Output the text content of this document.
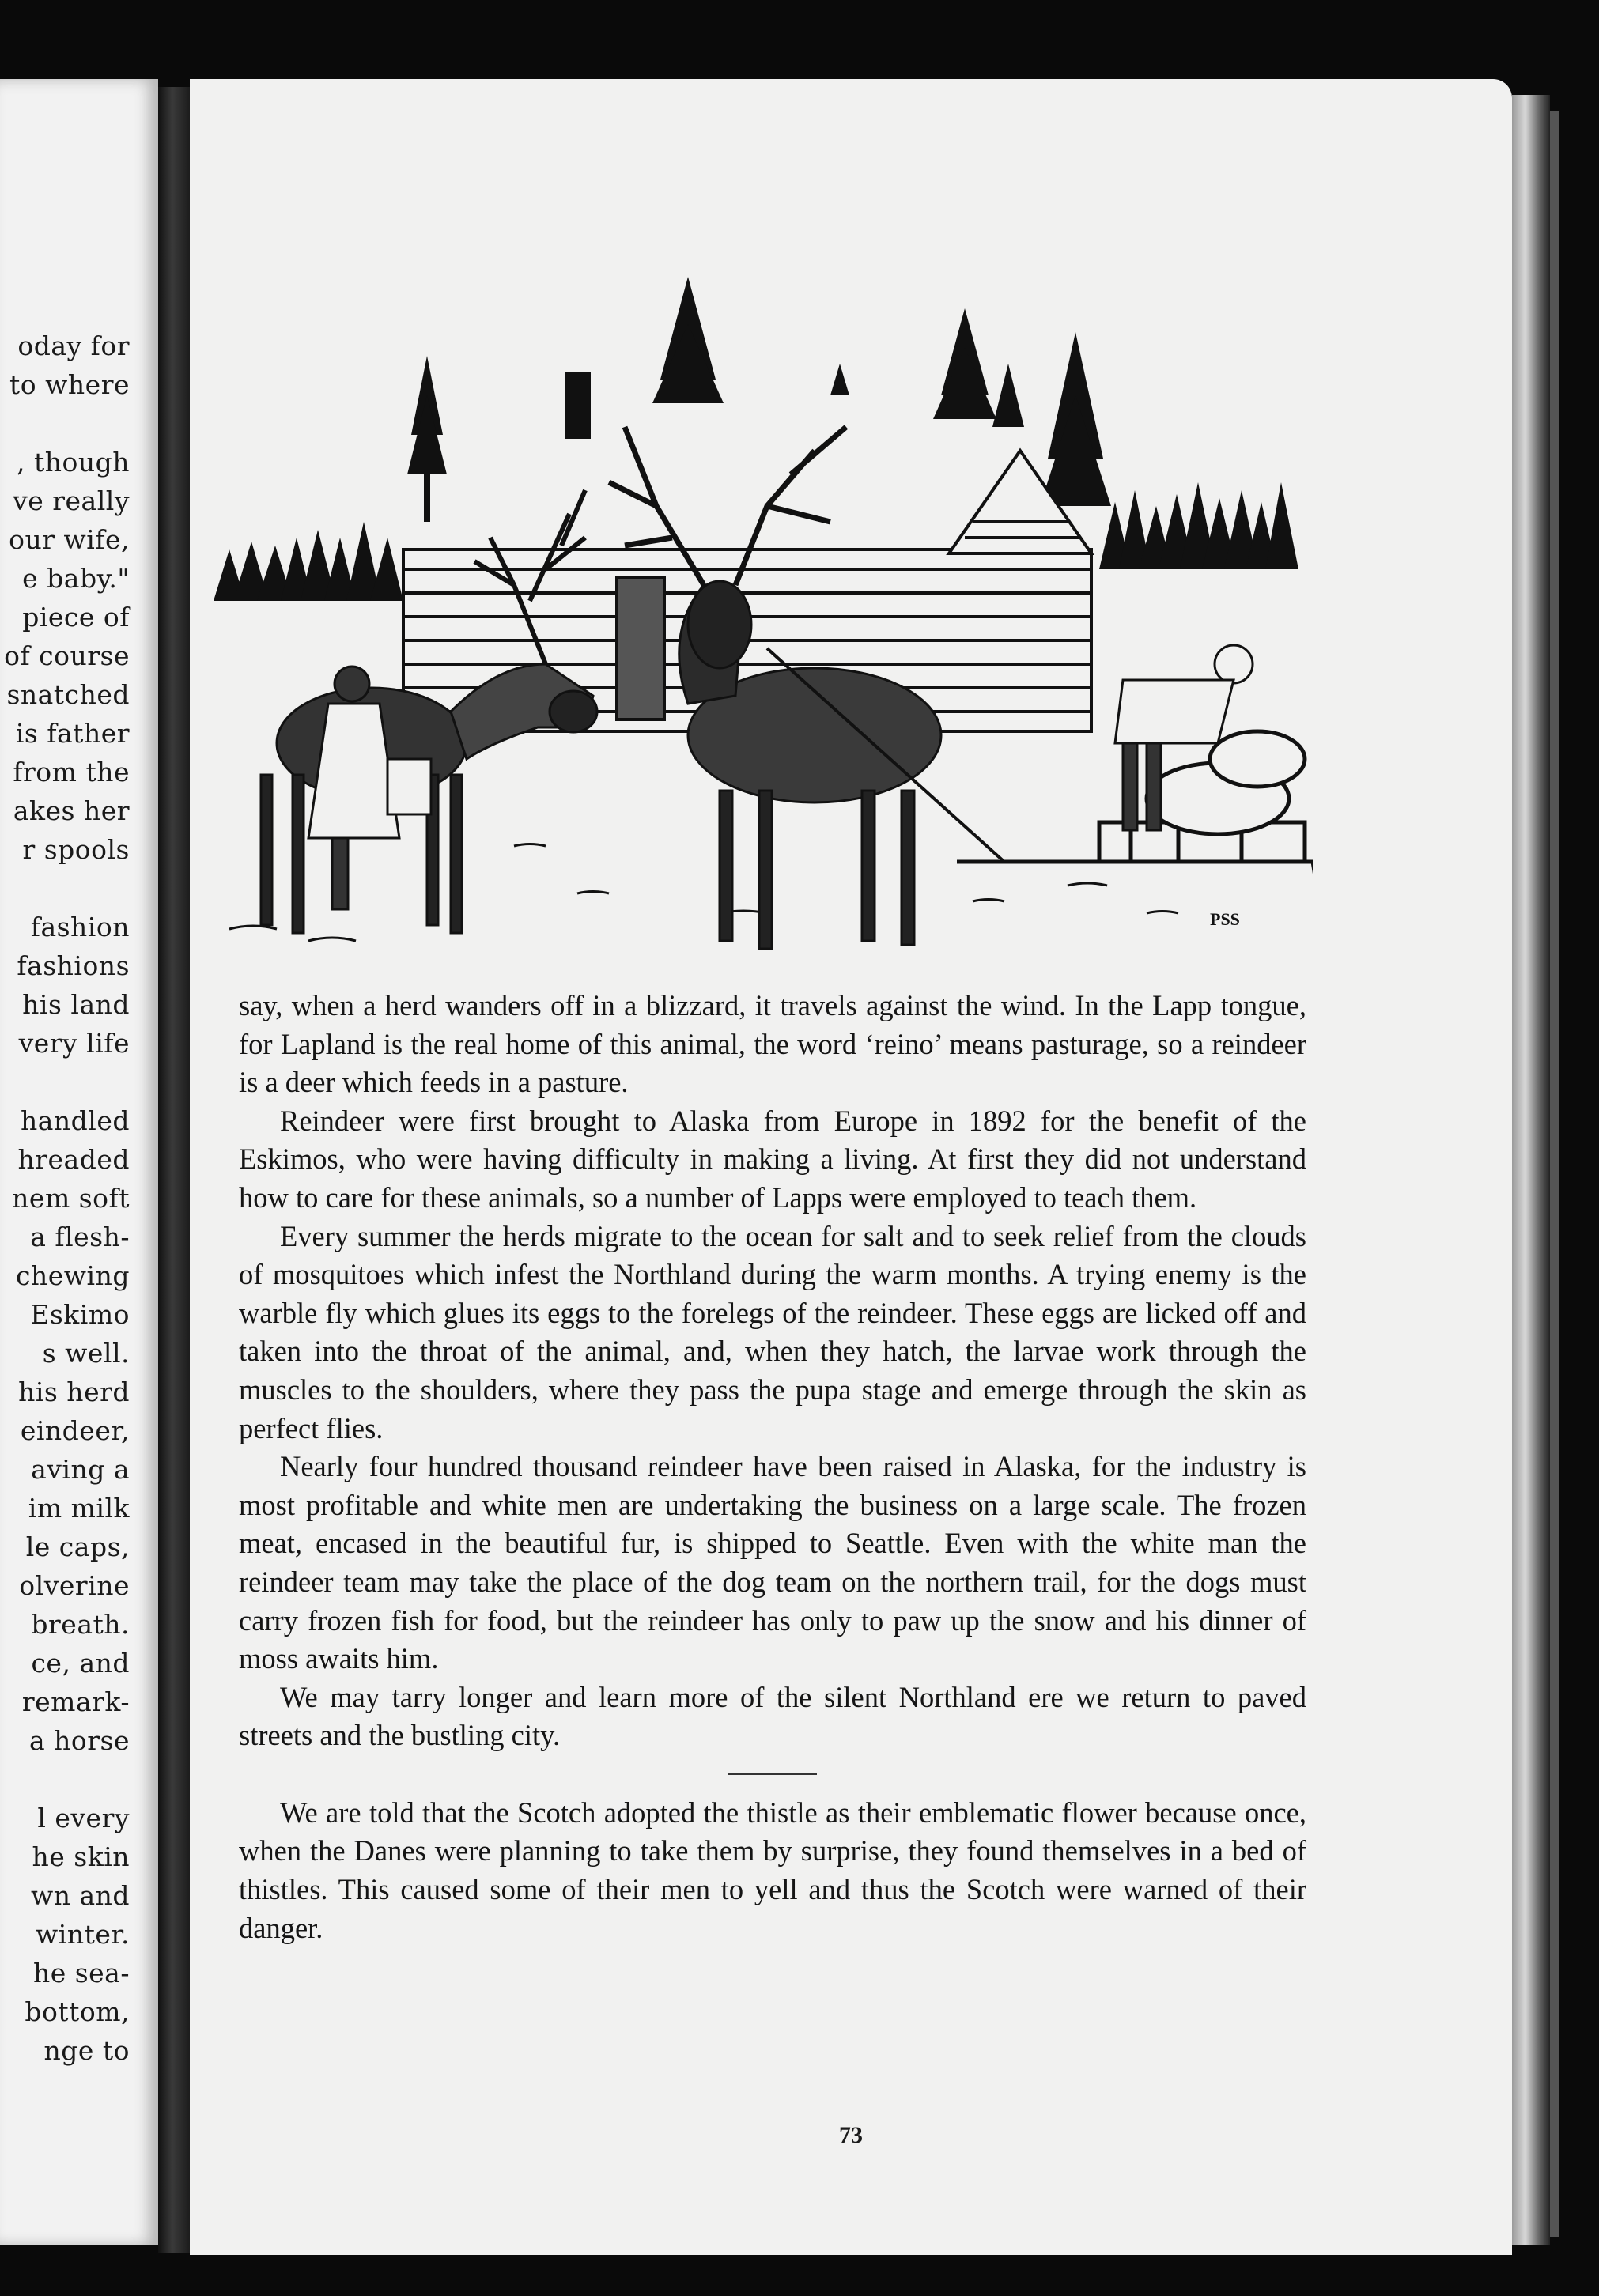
oday for
to where
, though
ve really
our wife,
e baby."
piece of
of course
snatched
is father
from the
akes her
r spools
fashion
fashions
his land
very life
handled
hreaded
nem soft
a flesh-
chewing
Eskimo
s well.
his herd
eindeer,
aving a
im milk
le caps,
olverine
breath.
ce, and
remark-
a horse
l every
he skin
wn and
winter.
he sea-
bottom,
nge to
PSS

say, when a herd wanders off in a blizzard, it travels against the wind. In the Lapp tongue, for Lapland is the real home of this animal, the word ‘reino’ means pasturage, so a reindeer is a deer which feeds in a pasture.

Reindeer were first brought to Alaska from Europe in 1892 for the benefit of the Eskimos, who were having difficulty in making a living. At first they did not understand how to care for these animals, so a number of Lapps were employed to teach them.

Every summer the herds migrate to the ocean for salt and to seek relief from the clouds of mosquitoes which infest the Northland during the warm months. A trying enemy is the warble fly which glues its eggs to the forelegs of the reindeer. These eggs are licked off and taken into the throat of the animal, and, when they hatch, the larvae work through the muscles to the shoulders, where they pass the pupa stage and emerge through the skin as perfect flies.

Nearly four hundred thousand reindeer have been raised in Alaska, for the industry is most profitable and white men are undertaking the business on a large scale. The frozen meat, encased in the beautiful fur, is shipped to Seattle. Even with the white man the reindeer team may take the place of the dog team on the northern trail, for the dogs must carry frozen fish for food, but the reindeer has only to paw up the snow and his dinner of moss awaits him.

We may tarry longer and learn more of the silent Northland ere we return to paved streets and the bustling city.

We are told that the Scotch adopted the thistle as their emblematic flower because once, when the Danes were planning to take them by surprise, they found themselves in a bed of thistles. This caused some of their men to yell and thus the Scotch were warned of their danger.

73
